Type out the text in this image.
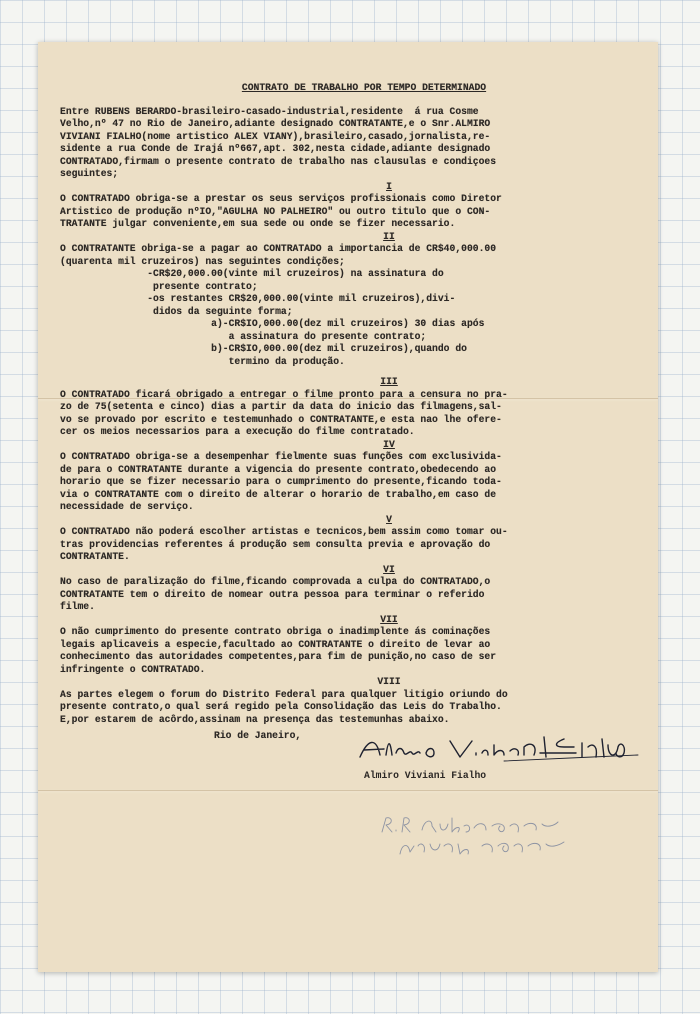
CONTRATO DE TRABALHO POR TEMPO DETERMINADO
Entre RUBENS BERARDO-brasileiro-casado-industrial,residente  á rua Cosme
Velho,nº 47 no Rio de Janeiro,adiante designado CONTRATANTE,e o Snr.ALMIRO
VIVIANI FIALHO(nome artistico ALEX VIANY),brasileiro,casado,jornalista,re-
sidente a rua Conde de Irajá nº667,apt. 302,nesta cidade,adiante designado
CONTRATADO,firmam o presente contrato de trabalho nas clausulas e condiçoes
seguintes;
I
O CONTRATADO obriga-se a prestar os seus serviços profissionais como Diretor
Artistico de produção nºIO,"AGULHA NO PALHEIRO" ou outro titulo que o CON-
TRATANTE julgar conveniente,em sua sede ou onde se fizer necessario.
II
O CONTRATANTE obriga-se a pagar ao CONTRATADO a importancia de CR$40,000.00
(quarenta mil cruzeiros) nas seguintes condições;
-CR$20,000.00(vinte mil cruzeiros) na assinatura do
presente contrato;
-os restantes CR$20,000.00(vinte mil cruzeiros),divi-
didos da seguinte forma;
a)-CR$IO,000.00(dez mil cruzeiros) 30 dias após
a assinatura do presente contrato;
b)-CR$IO,000.00(dez mil cruzeiros),quando do
termino da produção.
III
O CONTRATADO ficará obrigado a entregar o filme pronto para a censura no pra-
zo de 75(setenta e cinco) dias a partir da data do inicio das filmagens,sal-
vo se provado por escrito e testemunhado o CONTRATANTE,e esta nao lhe ofere-
cer os meios necessarios para a execução do filme contratado.
IV
O CONTRATADO obriga-se a desempenhar fielmente suas funções com exclusivida-
de para o CONTRATANTE durante a vigencia do presente contrato,obedecendo ao
horario que se fizer necessario para o cumprimento do presente,ficando toda-
via o CONTRATANTE com o direito de alterar o horario de trabalho,em caso de
necessidade de serviço.
V
O CONTRATADO não poderá escolher artistas e tecnicos,bem assim como tomar ou-
tras providencias referentes á produção sem consulta previa e aprovação do
CONTRATANTE.
VI
No caso de paralização do filme,ficando comprovada a culpa do CONTRATADO,o
CONTRATANTE tem o direito de nomear outra pessoa para terminar o referido
filme.
VII
O não cumprimento do presente contrato obriga o inadimplente ás cominações
legais aplicaveis a especie,facultado ao CONTRATANTE o direito de levar ao
conhecimento das autoridades competentes,para fim de punição,no caso de ser
infringente o CONTRATADO.
VIII
As partes elegem o forum do Distrito Federal para qualquer litigio oriundo do
presente contrato,o qual será regido pela Consolidação das Leis do Trabalho.
E,por estarem de acôrdo,assinam na presença das testemunhas abaixo.
Rio de Janeiro,
Almiro Viviani Fialho
